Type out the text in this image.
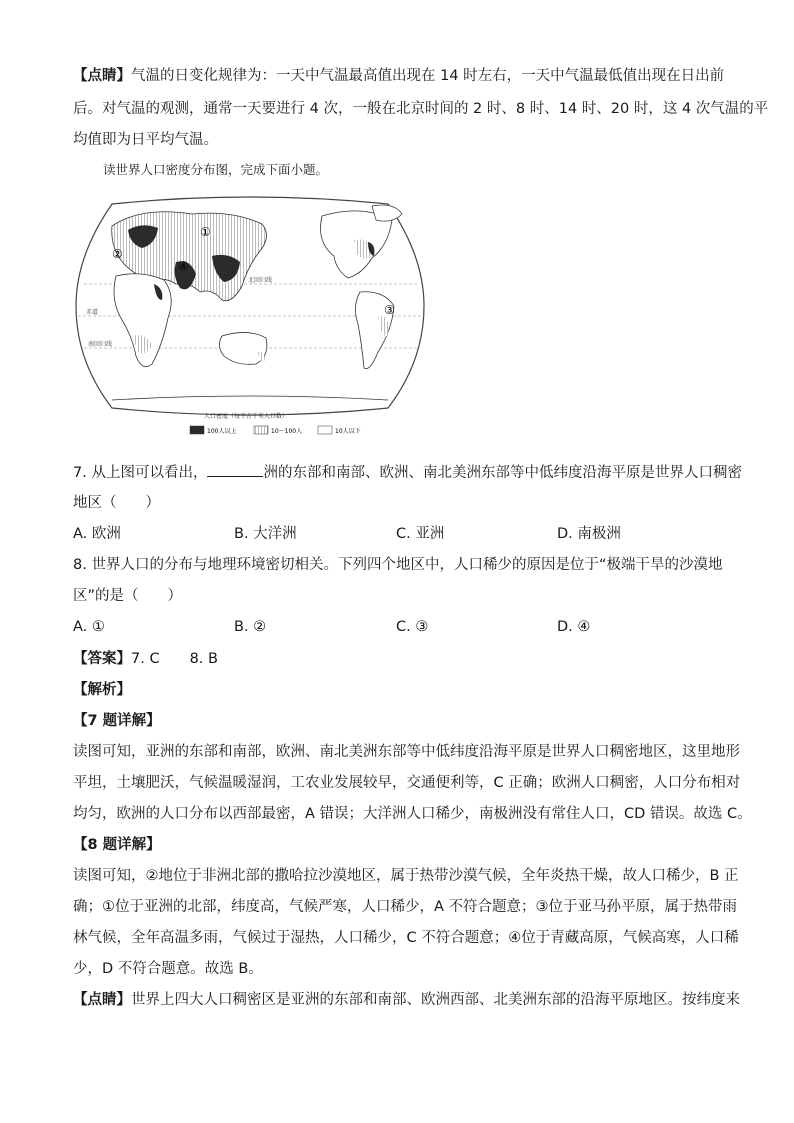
【点睛】气温的日变化规律为：一天中气温最高值出现在 14 时左右，一天中气温最低值出现在日出前
后。对气温的观测，通常一天要进行 4 次，一般在北京时间的 2 时、8 时、14 时、20 时，这 4 次气温的平
均值即为日平均气温。
读世界人口密度分布图，完成下面小题。
①
②
③
④
北回归线
赤道
南回归线
人口密度（每平方千米人口数）
100人以上	10～100人	10人以下
7. 从上图可以看出，	洲的东部和南部、欧洲、南北美洲东部等中低纬度沿海平原是世界人口稠密
地区（　　）
A. 欧洲	B. 大洋洲	C. 亚洲	D. 南极洲
8. 世界人口的分布与地理环境密切相关。下列四个地区中，人口稀少的原因是位于“极端干旱的沙漠地
区”的是（　　）
A. ①	B. ②	C. ③	D. ④
【答案】7. C 8. B
【解析】
【7 题详解】
读图可知，亚洲的东部和南部，欧洲、南北美洲东部等中低纬度沿海平原是世界人口稠密地区，这里地形
平坦，土壤肥沃，气候温暖湿润，工农业发展较早，交通便利等，C 正确；欧洲人口稠密，人口分布相对
均匀，欧洲的人口分布以西部最密，A 错误；大洋洲人口稀少，南极洲没有常住人口，CD 错误。故选 C。
【8 题详解】
读图可知，②地位于非洲北部的撒哈拉沙漠地区，属于热带沙漠气候，全年炎热干燥，故人口稀少，B 正
确；①位于亚洲的北部，纬度高，气候严寒，人口稀少，A 不符合题意；③位于亚马孙平原，属于热带雨
林气候，全年高温多雨，气候过于湿热，人口稀少，C 不符合题意；④位于青藏高原，气候高寒，人口稀
少，D 不符合题意。故选 B。
【点睛】世界上四大人口稠密区是亚洲的东部和南部、欧洲西部、北美洲东部的沿海平原地区。按纬度来
